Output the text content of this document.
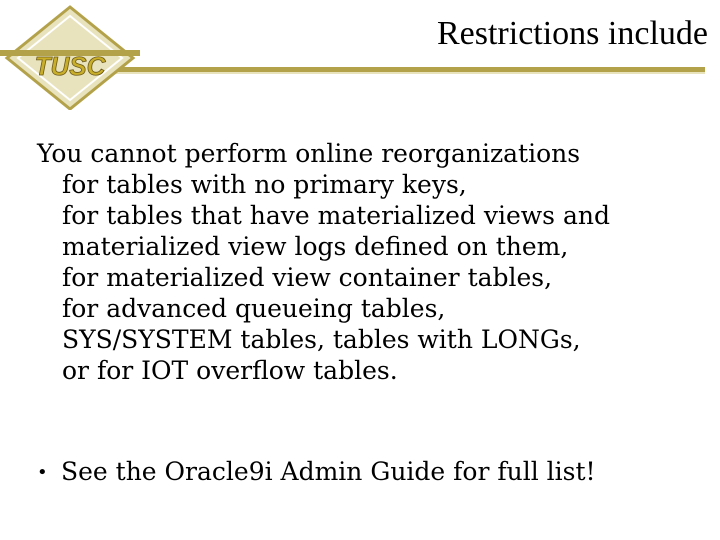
TUSC
Restrictions include

You cannot perform online reorganizations

for tables with no primary keys,
for tables that have materialized views and
materialized view logs defined on them,
for materialized view container tables,
for advanced queueing tables,
SYS/SYSTEM tables, tables with LONGs,
or for IOT overflow tables.

• See the Oracle9i Admin Guide for full list!
